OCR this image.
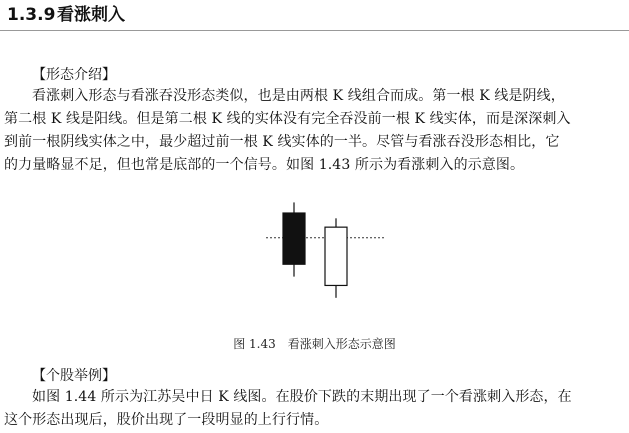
1.3.9看涨刺入
【形态介绍】
看涨刺入形态与看涨吞没形态类似，也是由两根 K 线组合而成。第一根 K 线是阴线，
第二根 K 线是阳线。但是第二根 K 线的实体没有完全吞没前一根 K 线实体，而是深深刺入
到前一根阴线实体之中，最少超过前一根 K 线实体的一半。尽管与看涨吞没形态相比，它
的力量略显不足，但也常是底部的一个信号。如图 1.43 所示为看涨刺入的示意图。
图 1.43 看涨刺入形态示意图
【个股举例】
如图 1.44 所示为江苏吴中日 K 线图。在股价下跌的末期出现了一个看涨刺入形态，在
这个形态出现后，股价出现了一段明显的上行行情。
